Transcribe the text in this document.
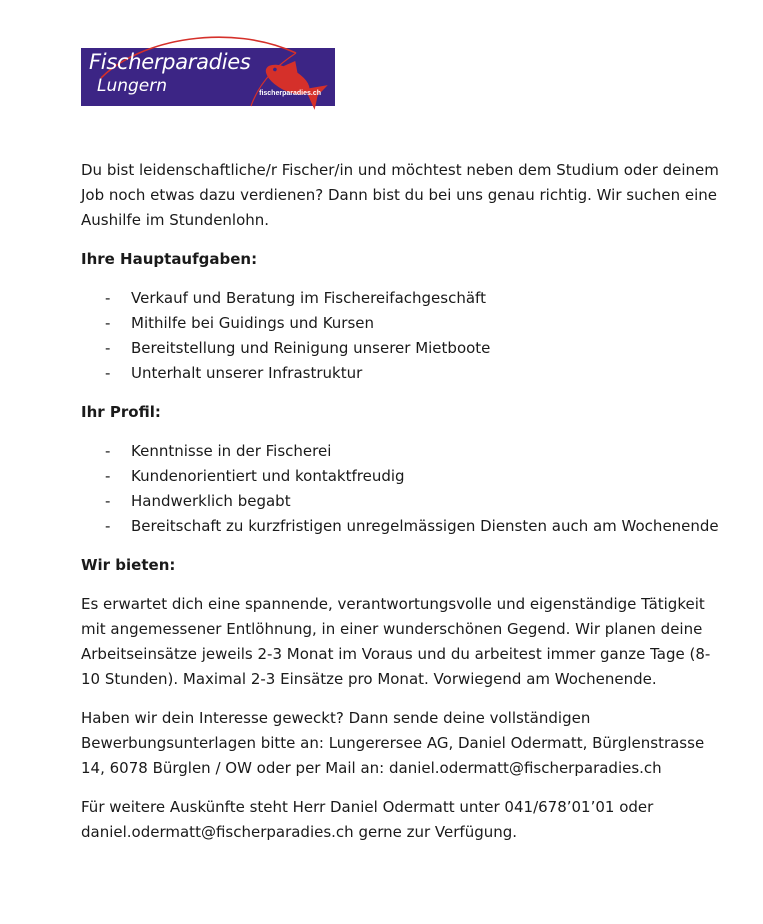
Fischerparadies
Lungern	fischerparadies.ch

Du bist leidenschaftliche/r Fischer/in und möchtest neben dem Studium oder deinem Job noch etwas dazu verdienen? Dann bist du bei uns genau richtig. Wir suchen eine Aushilfe im Stundenlohn.

Ihre Hauptaufgaben:
- Verkauf und Beratung im Fischereifachgeschäft
- Mithilfe bei Guidings und Kursen
- Bereitstellung und Reinigung unserer Mietboote
- Unterhalt unserer Infrastruktur
Ihr Profil:
- Kenntnisse in der Fischerei
- Kundenorientiert und kontaktfreudig
- Handwerklich begabt
- Bereitschaft zu kurzfristigen unregelmässigen Diensten auch am Wochenende
Wir bieten:

Es erwartet dich eine spannende, verantwortungsvolle und eigenständige Tätigkeit mit angemessener Entlöhnung, in einer wunderschönen Gegend. Wir planen deine Arbeitseinsätze jeweils 2-3 Monat im Voraus und du arbeitest immer ganze Tage (8-10 Stunden). Maximal 2-3 Einsätze pro Monat. Vorwiegend am Wochenende.

Haben wir dein Interesse geweckt? Dann sende deine vollständigen Bewerbungsunterlagen bitte an: Lungerersee AG, Daniel Odermatt, Bürglenstrasse 14, 6078 Bürglen / OW oder per Mail an: daniel.odermatt@fischerparadies.ch

Für weitere Auskünfte steht Herr Daniel Odermatt unter 041/678’01’01 oder daniel.odermatt@fischerparadies.ch gerne zur Verfügung.
